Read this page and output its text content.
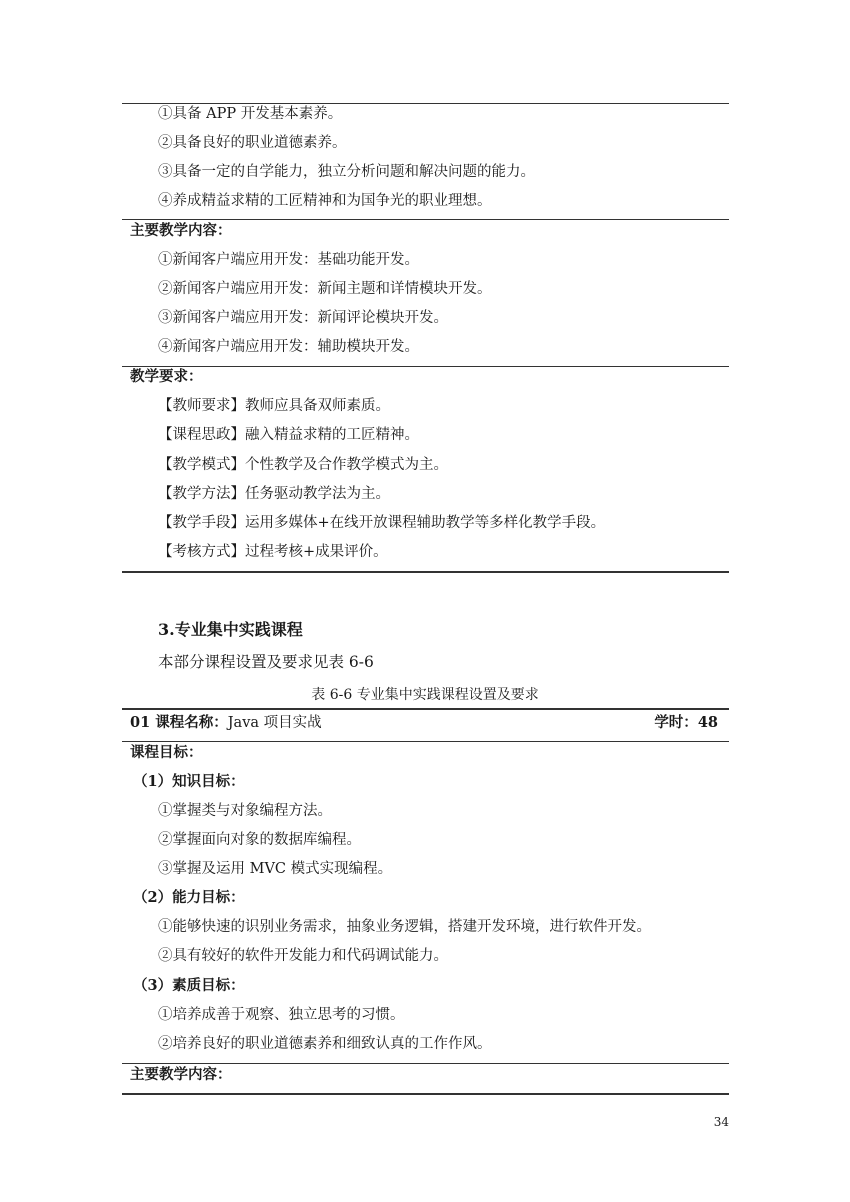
①具备 APP 开发基本素养。
②具备良好的职业道德素养。
③具备一定的自学能力，独立分析问题和解决问题的能力。
④养成精益求精的工匠精神和为国争光的职业理想。
主要教学内容：
①新闻客户端应用开发：基础功能开发。
②新闻客户端应用开发：新闻主题和详情模块开发。
③新闻客户端应用开发：新闻评论模块开发。
④新闻客户端应用开发：辅助模块开发。
教学要求：
【教师要求】教师应具备双师素质。
【课程思政】融入精益求精的工匠精神。
【教学模式】个性教学及合作教学模式为主。
【教学方法】任务驱动教学法为主。
【教学手段】运用多媒体+在线开放课程辅助教学等多样化教学手段。
【考核方式】过程考核+成果评价。
3.专业集中实践课程
本部分课程设置及要求见表 6-6
表 6-6 专业集中实践课程设置及要求
01 课程名称：Java 项目实战	学时：48
课程目标：
（1）知识目标：
①掌握类与对象编程方法。
②掌握面向对象的数据库编程。
③掌握及运用 MVC 模式实现编程。
（2）能力目标：
①能够快速的识别业务需求，抽象业务逻辑，搭建开发环境，进行软件开发。
②具有较好的软件开发能力和代码调试能力。
（3）素质目标：
①培养成善于观察、独立思考的习惯。
②培养良好的职业道德素养和细致认真的工作作风。
主要教学内容：
34
